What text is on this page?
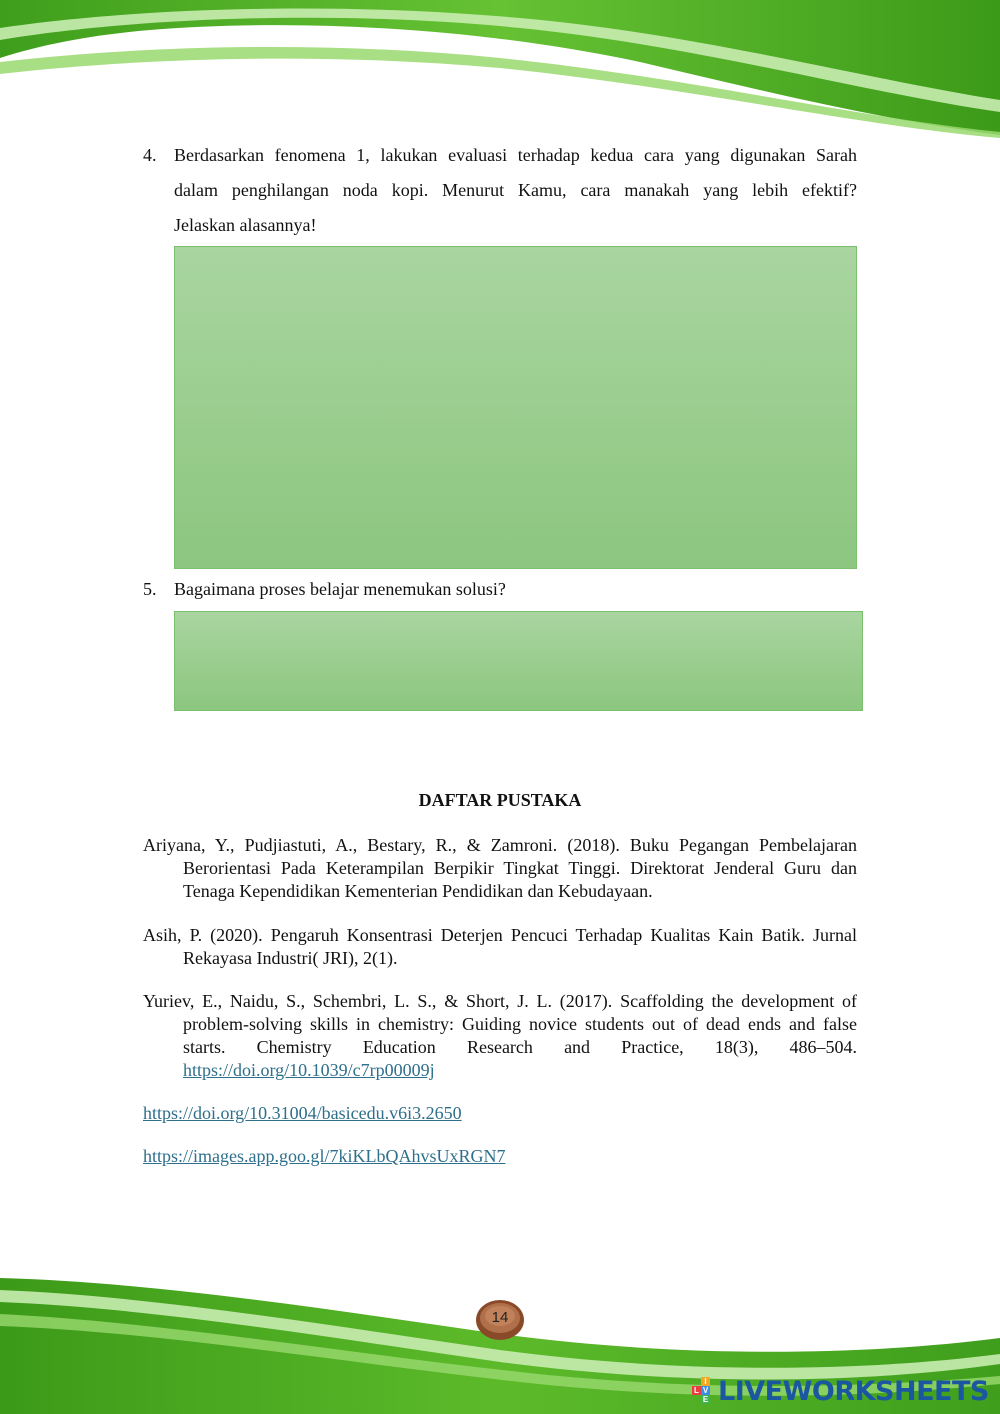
4. Berdasarkan fenomena 1, lakukan evaluasi terhadap kedua cara yang digunakan Sarah
dalam penghilangan noda kopi. Menurut Kamu, cara manakah yang lebih efektif?
Jelaskan alasannya!
5. Bagaimana proses belajar menemukan solusi?
DAFTAR PUSTAKA
Ariyana, Y., Pudjiastuti, A., Bestary, R., & Zamroni. (2018). Buku Pegangan Pembelajaran Berorientasi Pada Keterampilan Berpikir Tingkat Tinggi. Direktorat Jenderal Guru dan Tenaga Kependidikan Kementerian Pendidikan dan Kebudayaan.
Asih, P. (2020). Pengaruh Konsentrasi Deterjen Pencuci Terhadap Kualitas Kain Batik. Jurnal Rekayasa Industri( JRI), 2(1).
Yuriev, E., Naidu, S., Schembri, L. S., & Short, J. L. (2017). Scaffolding the development of problem-solving skills in chemistry: Guiding novice students out of dead ends and false starts. Chemistry Education Research and Practice, 18(3), 486–504. https://doi.org/10.1039/c7rp00009j
https://doi.org/10.31004/basicedu.v6i3.2650
https://images.app.goo.gl/7kiKLbQAhvsUxRGN7
14
L
I
V
E LIVEWORKSHEETS
